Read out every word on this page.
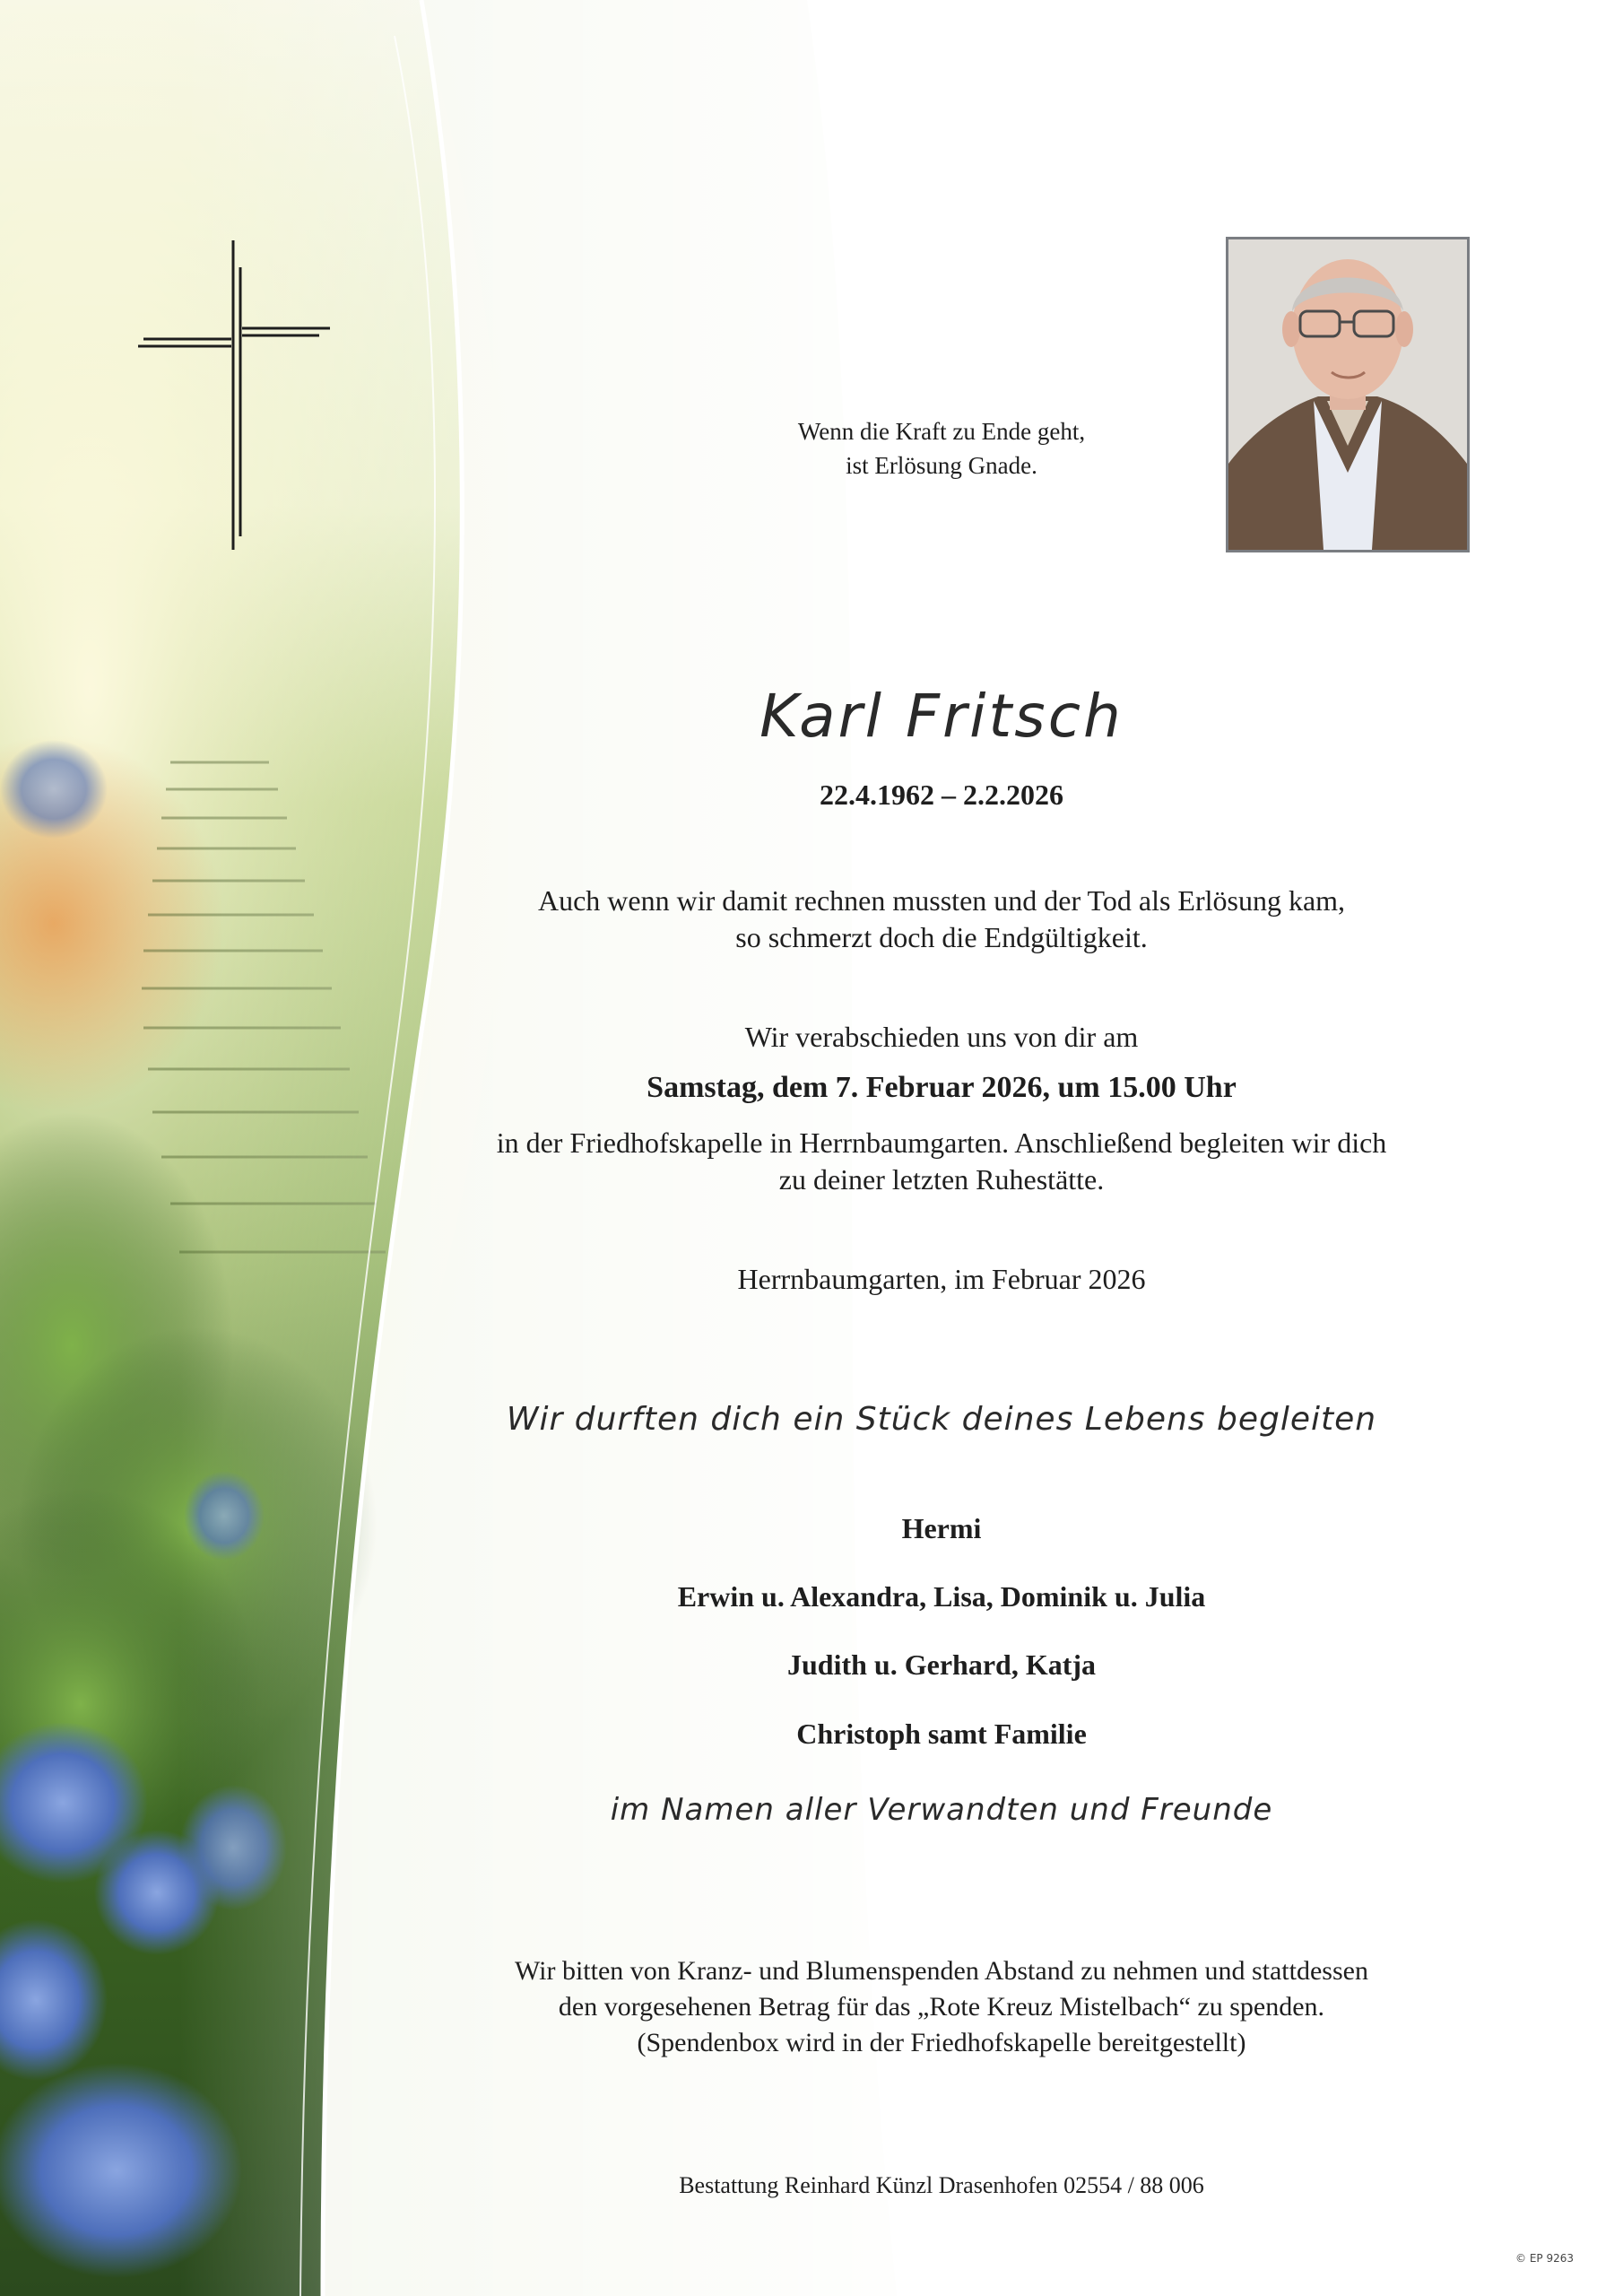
Wenn die Kraft zu Ende geht,
ist Erlösung Gnade.
Karl Fritsch
22.4.1962 – 2.2.2026
Auch wenn wir damit rechnen mussten und der Tod als Erlösung kam,
so schmerzt doch die Endgültigkeit.
Wir verabschieden uns von dir am
Samstag, dem 7. Februar 2026, um 15.00 Uhr
in der Friedhofskapelle in Herrnbaumgarten. Anschließend begleiten wir dich
zu deiner letzten Ruhestätte.
Herrnbaumgarten, im Februar 2026
Wir durften dich ein Stück deines Lebens begleiten
Hermi
Erwin u. Alexandra, Lisa, Dominik u. Julia
Judith u. Gerhard, Katja
Christoph samt Familie
im Namen aller Verwandten und Freunde
Wir bitten von Kranz- und Blumenspenden Abstand zu nehmen und stattdessen
den vorgesehenen Betrag für das „Rote Kreuz Mistelbach“ zu spenden.
(Spendenbox wird in der Friedhofskapelle bereitgestellt)
Bestattung Reinhard Künzl Drasenhofen 02554 / 88 006
© EP 9263
